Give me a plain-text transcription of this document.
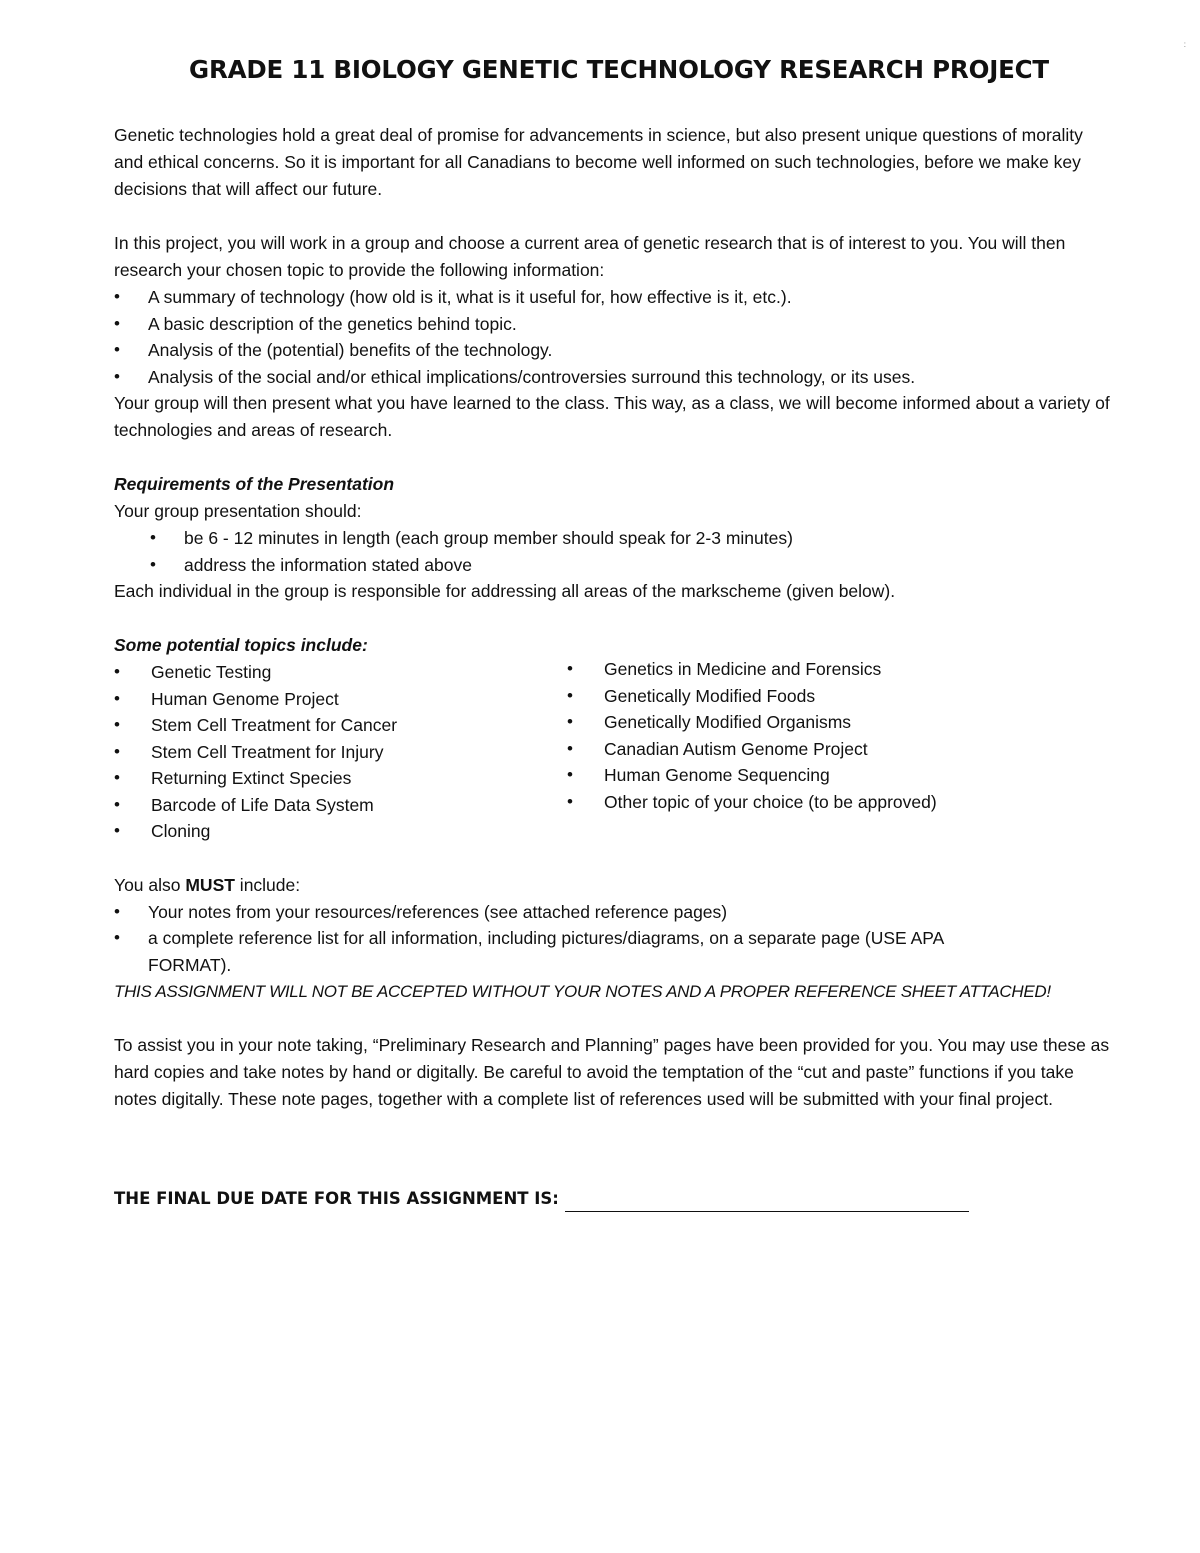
:
GRADE 11 BIOLOGY GENETIC TECHNOLOGY RESEARCH PROJECT

Genetic technologies hold a great deal of promise for advancements in science, but also present unique questions of morality and ethical concerns. So it is important for all Canadians to become well informed on such technologies, before we make key decisions that will affect our future.

In this project, you will work in a group and choose a current area of genetic research that is of interest to you. You will then research your chosen topic to provide the following information:

• A summary of technology (how old is it, what is it useful for, how effective is it, etc.).
• A basic description of the genetics behind topic.
• Analysis of the (potential) benefits of the technology.
• Analysis of the social and/or ethical implications/controversies surround this technology, or its uses.

Your group will then present what you have learned to the class. This way, as a class, we will become informed about a variety of technologies and areas of research.

Requirements of the Presentation

Your group presentation should:

• be 6 - 12 minutes in length (each group member should speak for 2-3 minutes)
• address the information stated above

Each individual in the group is responsible for addressing all areas of the markscheme (given below).

Some potential topics include:
• Genetic Testing
• Human Genome Project
• Stem Cell Treatment for Cancer
• Stem Cell Treatment for Injury
• Returning Extinct Species
• Barcode of Life Data System
• Cloning
• Genetics in Medicine and Forensics
• Genetically Modified Foods
• Genetically Modified Organisms
• Canadian Autism Genome Project
• Human Genome Sequencing
• Other topic of your choice (to be approved)

You also MUST include:

• Your notes from your resources/references (see attached reference pages)
• a complete reference list for all information, including pictures/diagrams, on a separate page (USE APA FORMAT).
THIS ASSIGNMENT WILL NOT BE ACCEPTED WITHOUT YOUR NOTES AND A PROPER REFERENCE SHEET ATTACHED!

To assist you in your note taking, “Preliminary Research and Planning” pages have been provided for you. You may use these as hard copies and take notes by hand or digitally. Be careful to avoid the temptation of the “cut and paste” functions if you take notes digitally. These note pages, together with a complete list of references used will be submitted with your final project.

THE FINAL DUE DATE FOR THIS ASSIGNMENT IS:
